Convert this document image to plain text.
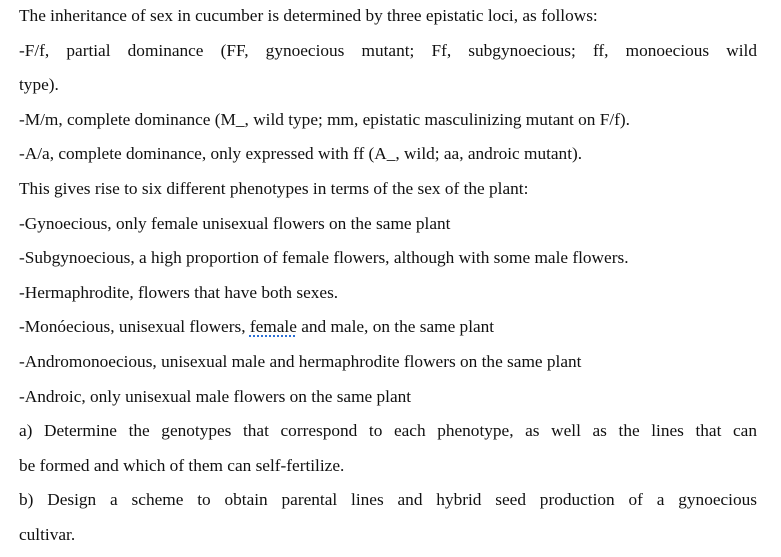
The inheritance of sex in cucumber is determined by three epistatic loci, as follows:
-F/f, partial dominance (FF, gynoecious mutant; Ff, subgynoecious; ff, monoecious wild
type).
-M/m, complete dominance (M_, wild type; mm, epistatic masculinizing mutant on F/f).
-A/a, complete dominance, only expressed with ff (A_, wild; aa, androic mutant).
This gives rise to six different phenotypes in terms of the sex of the plant:
-Gynoecious, only female unisexual flowers on the same plant
-Subgynoecious, a high proportion of female flowers, although with some male flowers.
-Hermaphrodite, flowers that have both sexes.
-Monóecious, unisexual flowers, female and male, on the same plant
-Andromonoecious, unisexual male and hermaphrodite flowers on the same plant
-Androic, only unisexual male flowers on the same plant
a) Determine the genotypes that correspond to each phenotype, as well as the lines that can
be formed and which of them can self-fertilize.
b) Design a scheme to obtain parental lines and hybrid seed production of a gynoecious
cultivar.
